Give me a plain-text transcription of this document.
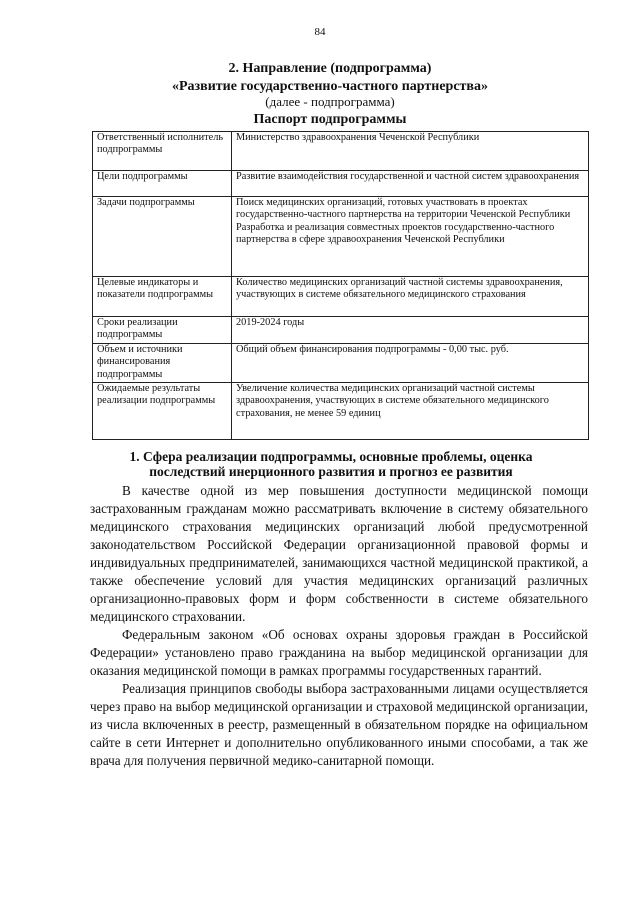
84
2. Направление (подпрограмма)
«Развитие государственно-частного партнерства»
(далее - подпрограмма)
Паспорт подпрограммы
Ответственный исполнитель подпрограммы	Министерство здравоохранения Чеченской Республики
Цели подпрограммы	Развитие взаимодействия государственной и частной систем здравоохранения
Задачи подпрограммы	Поиск медицинских организаций, готовых участвовать в проектах государственно-частного партнерства на территории Чеченской Республики
Разработка и реализация совместных проектов государственно-частного партнерства в сфере здравоохранения Чеченской Республики

Целевые индикаторы и показатели подпрограммы	Количество медицинских организаций частной системы здравоохранения, участвующих в системе обязательного медицинского страхования
Сроки реализации подпрограммы	2019-2024 годы
Объем и источники финансирования подпрограммы	Общий объем финансирования подпрограммы - 0,00 тыс. руб.
Ожидаемые результаты реализации подпрограммы	Увеличение количества медицинских организаций частной системы здравоохранения, участвующих в системе обязательного медицинского страхования, не менее 59 единиц
1. Сфера реализации подпрограммы, основные проблемы, оценка последствий инерционного развития и прогноз ее развития

В качестве одной из мер повышения доступности медицинской помощи застрахованным гражданам можно рассматривать включение в систему обязательного медицинского страхования медицинских организаций любой предусмотренной законодательством Российской Федерации организационной правовой формы и индивидуальных предпринимателей, занимающихся частной медицинской практикой, а также обеспечение условий для участия медицинских организаций различных организационно-правовых форм и форм собственности в системе обязательного медицинского страховании.

Федеральным законом «Об основах охраны здоровья граждан в Российской Федерации» установлено право гражданина на выбор медицинской организации для оказания медицинской помощи в рамках программы государственных гарантий.

Реализация принципов свободы выбора застрахованными лицами осуществляется через право на выбор медицинской организации и страховой медицинской организации, из числа включенных в реестр, размещенный в обязательном порядке на официальном сайте в сети Интернет и дополнительно опубликованного иными способами, а так же врача для получения первичной медико-санитарной помощи.
